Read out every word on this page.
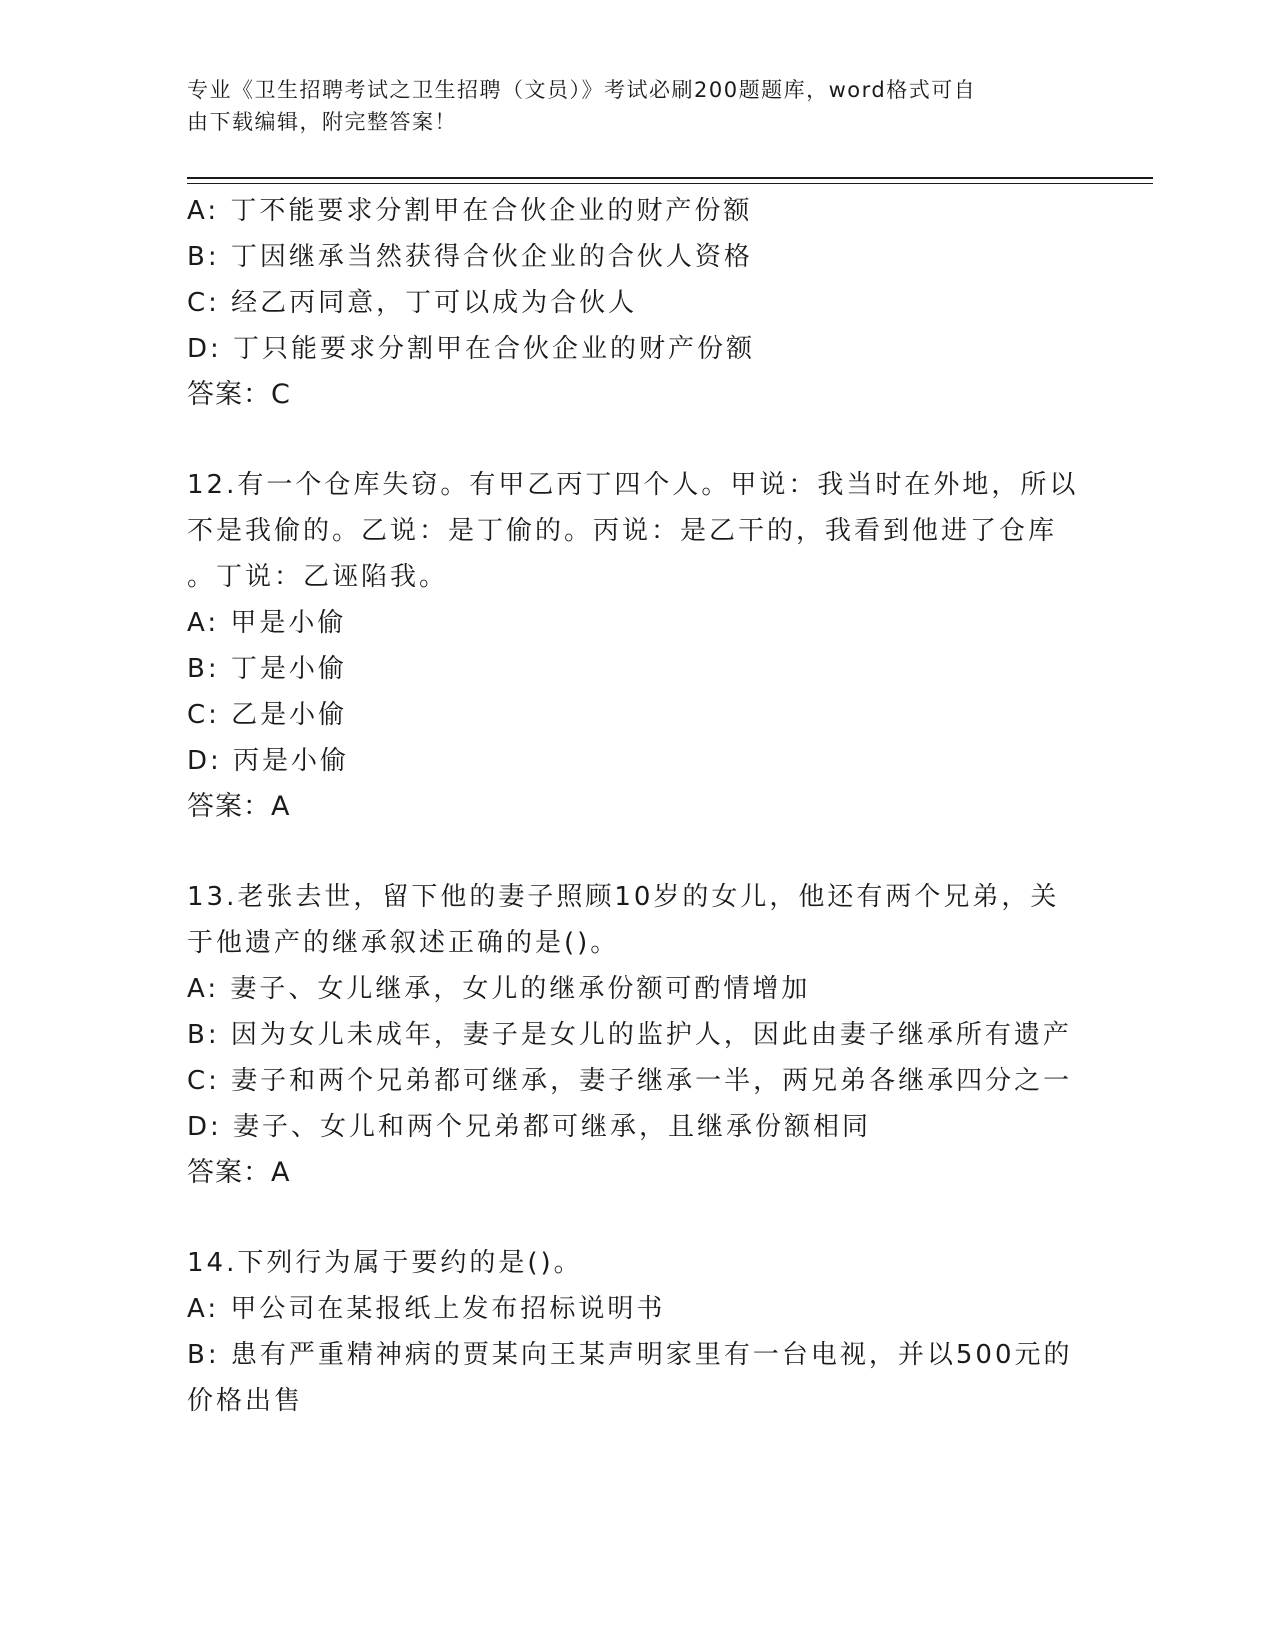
专业《卫生招聘考试之卫生招聘（文员）》考试必刷200题题库，word格式可自
由下载编辑，附完整答案！
A: 丁不能要求分割甲在合伙企业的财产份额
B: 丁因继承当然获得合伙企业的合伙人资格
C: 经乙丙同意，丁可以成为合伙人
D: 丁只能要求分割甲在合伙企业的财产份额
答案：C
12.有一个仓库失窃。有甲乙丙丁四个人。甲说：我当时在外地，所以
不是我偷的。乙说：是丁偷的。丙说：是乙干的，我看到他进了仓库
。丁说：乙诬陷我。
A: 甲是小偷
B: 丁是小偷
C: 乙是小偷
D: 丙是小偷
答案：A
13.老张去世，留下他的妻子照顾10岁的女儿，他还有两个兄弟，关
于他遗产的继承叙述正确的是()。
A: 妻子、女儿继承，女儿的继承份额可酌情增加
B: 因为女儿未成年，妻子是女儿的监护人，因此由妻子继承所有遗产
C: 妻子和两个兄弟都可继承，妻子继承一半，两兄弟各继承四分之一
D: 妻子、女儿和两个兄弟都可继承，且继承份额相同
答案：A
14.下列行为属于要约的是()。
A: 甲公司在某报纸上发布招标说明书
B: 患有严重精神病的贾某向王某声明家里有一台电视，并以500元的
价格出售
